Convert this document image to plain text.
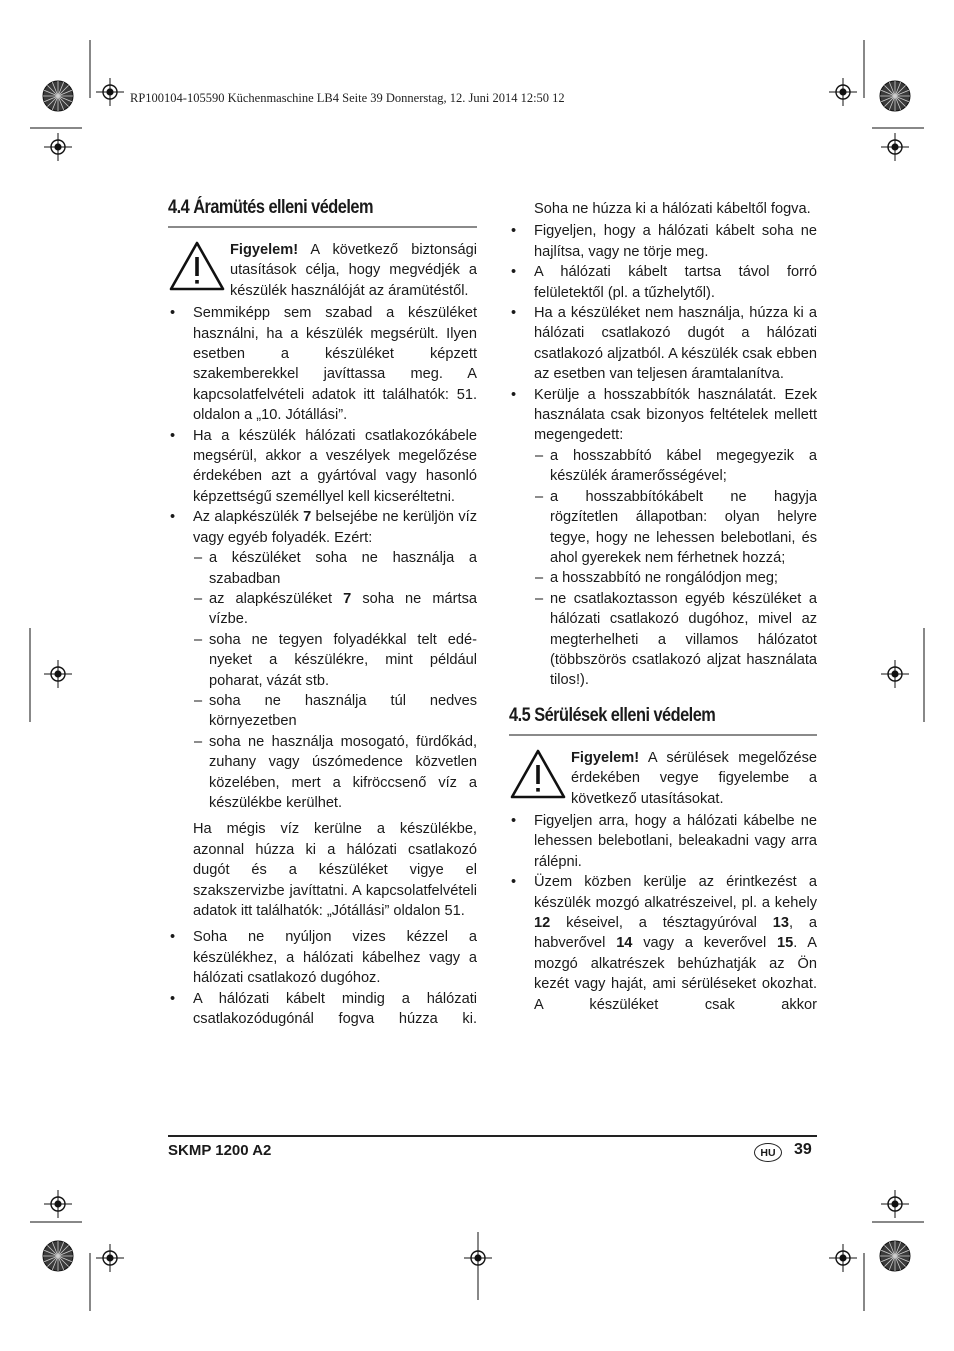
RP100104-105590 Küchenmaschine LB4 Seite 39 Donnerstag, 12. Juni 2014 12:50 12
4.4 Áramütés elleni védelem
Figyelem! A következő biztonsági utasítások célja, hogy megvédjék a készülék használóját az áramütéstől.
• Semmiképp sem szabad a készüléket használni, ha a készülék megsérült. Ilyen esetben a készüléket képzett szakemberekkel javíttassa meg. A kapcsolatfelvételi adatok itt találhatók: 51. oldalon a „10. Jótállási”.
• Ha a készülék hálózati csatlakozókábele megsérül, akkor a veszélyek megelőzése érdekében azt a gyártóval vagy hasonló képzettségű személlyel kell kicseréltetni.
• Az alapkészülék 7 belsejébe ne kerüljön víz vagy egyéb folyadék. Ezért:
– a készüléket soha ne használja a szabadban
– az alapkészüléket 7 soha ne mártsa vízbe.
– soha ne tegyen folyadékkal telt edé- nyeket a készülékre, mint például poharat, vázát stb.
– soha ne használja túl nedves környezetben
– soha ne használja mosogató, fürdőkád, zuhany vagy úszómedence közvetlen közelében, mert a kifröccsenő víz a készülékbe kerülhet.

Ha mégis víz kerülne a készülékbe, azonnal húzza ki a hálózati csatlakozó dugót és a készüléket vigye el szakszervizbe javíttatni. A kapcsolatfelvételi adatok itt találhatók: „Jótállási” oldalon 51.

• Soha ne nyúljon vizes kézzel a készülékhez, a hálózati kábelhez vagy a hálózati csatlakozó dugóhoz.
• A hálózati kábelt mindig a hálózati csatlakozódugónál fogva húzza ki.

Soha ne húzza ki a hálózati kábeltől fogva.

• Figyeljen, hogy a hálózati kábelt soha ne hajlítsa, vagy ne törje meg.
• A hálózati kábelt tartsa távol forró felületektől (pl. a tűzhelytől).
• Ha a készüléket nem használja, húzza ki a hálózati csatlakozó dugót a hálózati csatlakozó aljzatból. A készülék csak ebben az esetben van teljesen áramtalanítva.
• Kerülje a hosszabbítók használatát. Ezek használata csak bizonyos feltételek mellett megengedett:
– a hosszabbító kábel megegyezik a készülék áramerősségével;
– a hosszabbítókábelt ne hagyja rögzítetlen állapotban: olyan helyre tegye, hogy ne lehessen belebotlani, és ahol gyerekek nem férhetnek hozzá;
– a hosszabbító ne rongálódjon meg;
– ne csatlakoztasson egyéb készüléket a hálózati csatlakozó dugóhoz, mivel az megterhelheti a villamos hálózatot (többszörös csatlakozó aljzat használata tilos!).
4.5 Sérülések elleni védelem
Figyelem! A sérülések megelőzése érdekében vegye figyelembe a következő utasításokat.
• Figyeljen arra, hogy a hálózati kábelbe ne lehessen belebotlani, beleakadni vagy arra rálépni.
• Üzem közben kerülje az érintkezést a készülék mozgó alkatrészeivel, pl. a kehely 12 késeivel, a tésztagyúróval 13, a habverővel 14 vagy a keverővel 15. A mozgó alkatrészek behúzhatják az Ön kezét vagy haját, ami sérüléseket okozhat. A készüléket csak akkor
SKMP 1200 A2	HU	39
